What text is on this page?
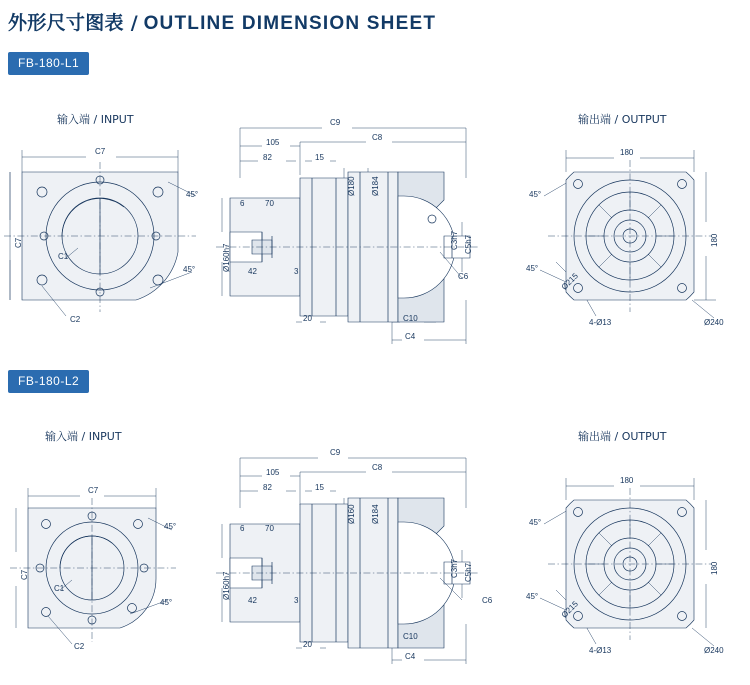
外形尺寸图表 / OUTLINE DIMENSION SHEET
FB-180-L1
输入端 / INPUT	输出端 / OUTPUT
C7
C7
C1
C2
45°
45°
C9
C8
105
82	15
Ø180 Ø184
6	70
Ø160h7 42	3
20	C10
C4
C3h7 C5h7
C6
180
180
45°
45°
Ø215
4-Ø13	Ø240
FB-180-L2
输入端 / INPUT	输出端 / OUTPUT
C7
C7
C1
C2
45°
45°
C9
C8
105
82	15
Ø160 Ø184
6	70
Ø160h7
42	3
20
C10
C4
C3h7 C5h7
C6
180
180
45°
45°
Ø215
4-Ø13	Ø240
